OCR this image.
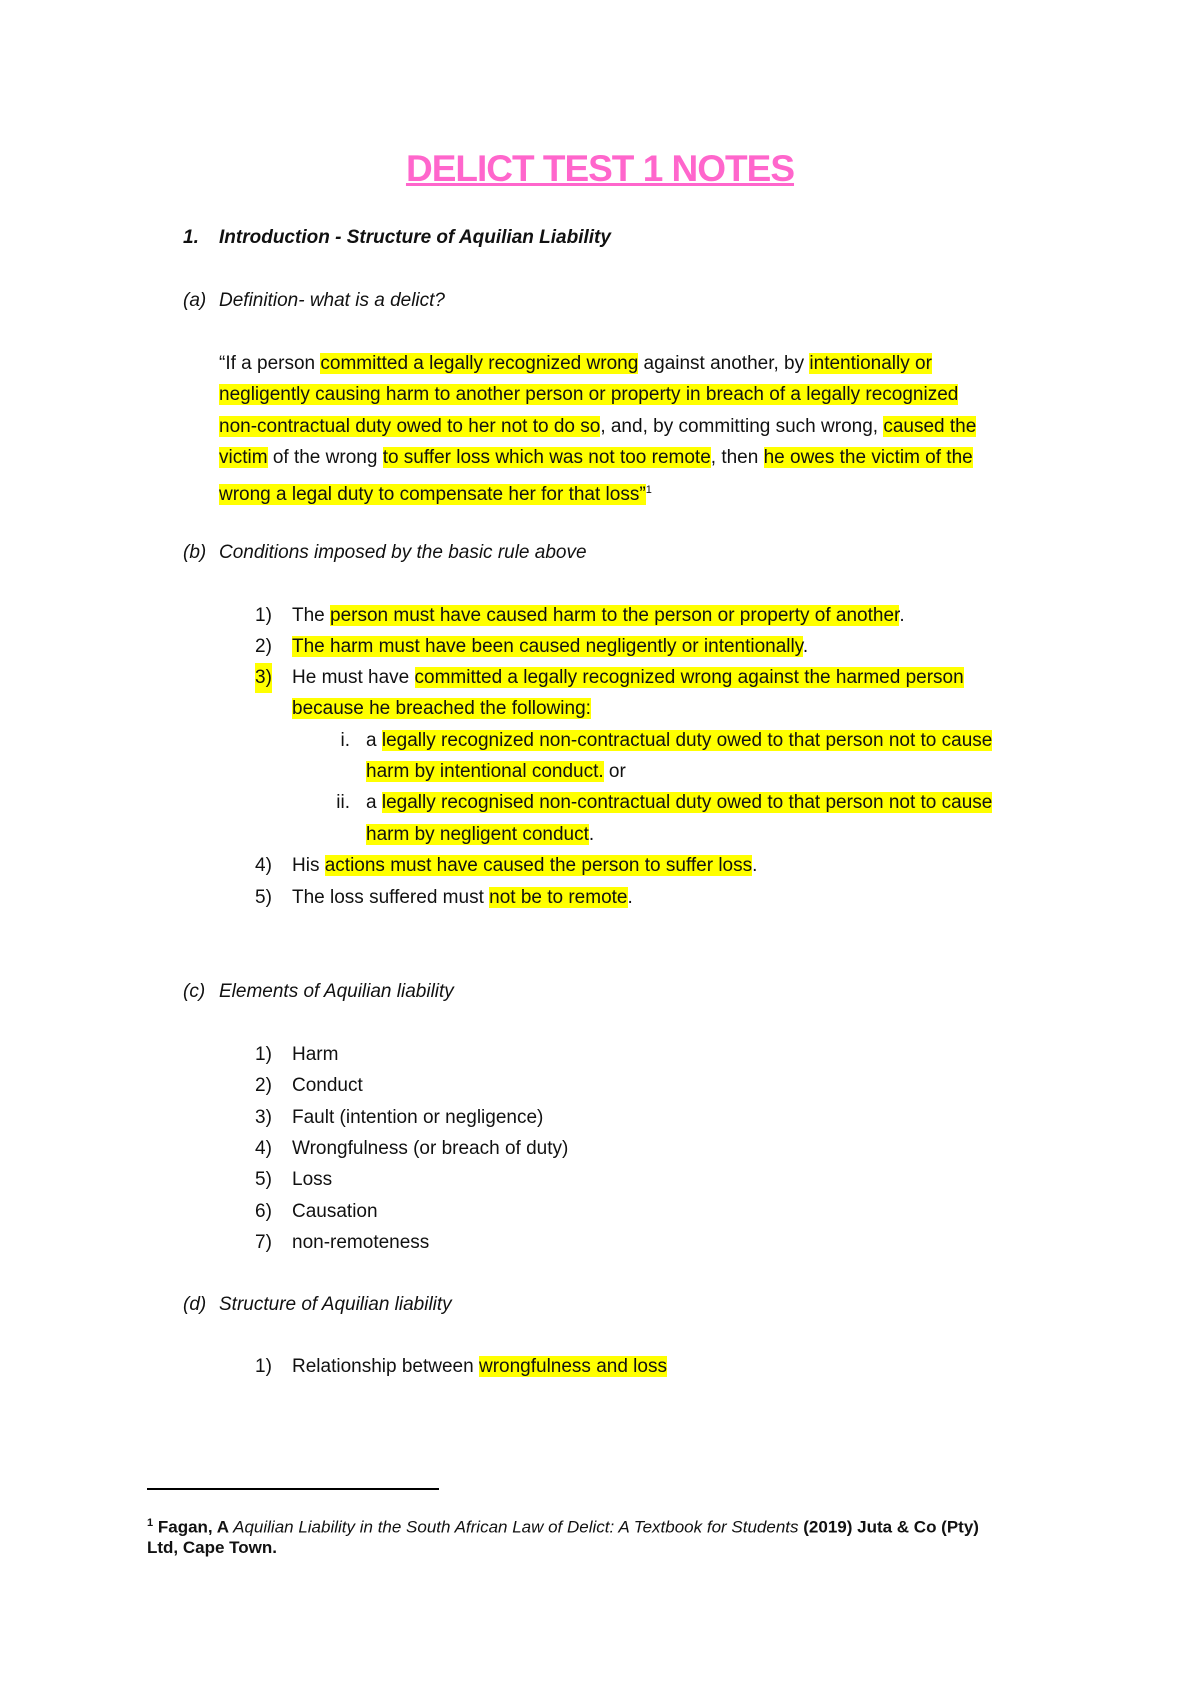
DELICT TEST 1 NOTES
1. Introduction - Structure of Aquilian Liability
(a) Definition- what is a delict?
“If a person committed a legally recognized wrong against another, by intentionally or
negligently causing harm to another person or property in breach of a legally recognized
non-contractual duty owed to her not to do so, and, by committing such wrong, caused the
victim of the wrong to suffer loss which was not too remote, then he owes the victim of the
wrong a legal duty to compensate her for that loss”$^1$
(b) Conditions imposed by the basic rule above
1) The person must have caused harm to the person or property of another.
2) The harm must have been caused negligently or intentionally.
3) He must have committed a legally recognized wrong against the harmed person
because he breached the following:
i. a legally recognized non-contractual duty owed to that person not to cause
harm by intentional conduct. or
ii. a legally recognised non-contractual duty owed to that person not to cause
harm by negligent conduct.
4) His actions must have caused the person to suffer loss.
5) The loss suffered must not be to remote.
(c) Elements of Aquilian liability
1) Harm
2) Conduct
3) Fault (intention or negligence)
4) Wrongfulness (or breach of duty)
5) Loss
6) Causation
7) non-remoteness
(d) Structure of Aquilian liability
1) Relationship between wrongfulness and loss
$^1$ Fagan, A Aquilian Liability in the South African Law of Delict: A Textbook for Students (2019) Juta & Co (Pty)
Ltd, Cape Town.
